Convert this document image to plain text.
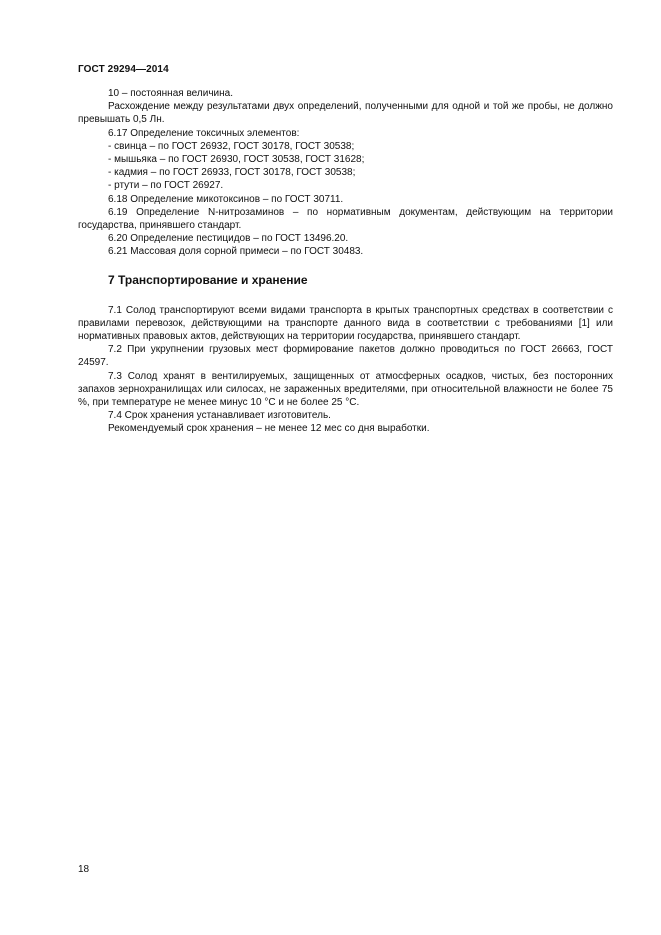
ГОСТ 29294—2014

10 – постоянная величина.

Расхождение между результатами двух определений, полученными для одной и той же пробы, не должно превышать 0,5 Лн.

6.17 Определение токсичных элементов:

- свинца – по ГОСТ 26932, ГОСТ 30178, ГОСТ 30538;

- мышьяка – по ГОСТ 26930, ГОСТ 30538, ГОСТ 31628;

- кадмия – по ГОСТ 26933, ГОСТ 30178, ГОСТ 30538;

- ртути – по ГОСТ 26927.

6.18 Определение микотоксинов – по ГОСТ 30711.

6.19 Определение N-нитрозаминов – по нормативным документам, действующим на территории государства, принявшего стандарт.

6.20 Определение пестицидов – по ГОСТ 13496.20.

6.21 Массовая доля сорной примеси – по ГОСТ 30483.

7 Транспортирование и хранение

7.1 Солод транспортируют всеми видами транспорта в крытых транспортных средствах в соответствии с правилами перевозок, действующими на транспорте данного вида в соответствии с требованиями [1] или нормативных правовых актов, действующих на территории государства, принявшего стандарт.

7.2 При укрупнении грузовых мест формирование пакетов должно проводиться по ГОСТ 26663, ГОСТ 24597.

7.3 Солод хранят в вентилируемых, защищенных от атмосферных осадков, чистых, без посторонних запахов зернохранилищах или силосах, не зараженных вредителями, при относительной влажности не более 75 %, при температуре не менее минус 10 °C и не более 25 °C.

7.4 Срок хранения устанавливает изготовитель.

Рекомендуемый срок хранения – не менее 12 мес со дня выработки.

18
